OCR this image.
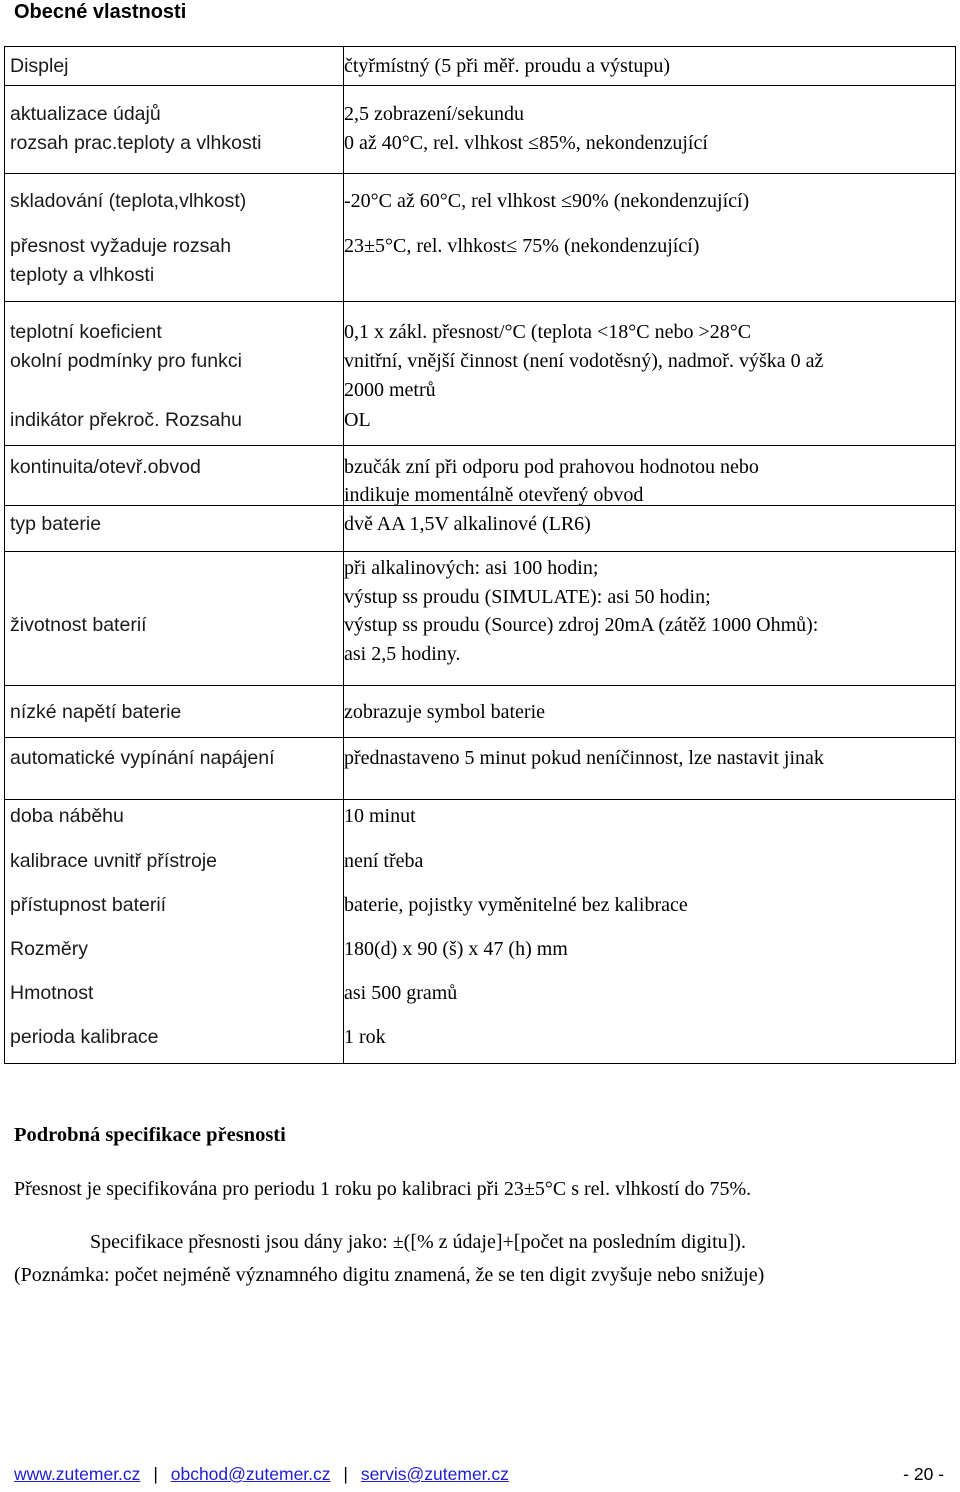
Obecné vlastnosti
Displej
aktualizace údajů
rozsah prac.teploty a vlhkosti
skladování (teplota,vlhkost)
přesnost vyžaduje rozsah
teploty a vlhkosti
teplotní koeficient
okolní podmínky pro funkci
indikátor překroč. Rozsahu
kontinuita/otevř.obvod
typ baterie
životnost baterií
nízké napětí baterie
automatické vypínání napájení
doba náběhu
kalibrace uvnitř přístroje
přístupnost baterií
Rozměry
Hmotnost
perioda kalibrace
čtyřmístný (5 při měř. proudu a výstupu)
2,5 zobrazení/sekundu
0 až 40°C, rel. vlhkost ≤85%, nekondenzující
-20°C až 60°C, rel vlhkost ≤90% (nekondenzující)
23±5°C, rel. vlhkost≤ 75% (nekondenzující)
0,1 x zákl. přesnost/°C (teplota <18°C nebo >28°C
vnitřní, vnější činnost (není vodotěsný), nadmoř. výška 0 až
2000 metrů
OL
bzučák zní při odporu pod prahovou hodnotou nebo
indikuje momentálně otevřený obvod
dvě AA 1,5V alkalinové (LR6)
při alkalinových: asi 100 hodin;
výstup ss proudu (SIMULATE): asi 50 hodin;
výstup ss proudu (Source) zdroj 20mA (zátěž 1000 Ohmů):
asi 2,5 hodiny.
zobrazuje symbol baterie
přednastaveno 5 minut pokud neníčinnost, lze nastavit jinak
10 minut
není třeba
baterie, pojistky vyměnitelné bez kalibrace
180(d) x 90 (š) x 47 (h) mm
asi 500 gramů
1 rok
Podrobná specifikace přesnosti
Přesnost je specifikována pro periodu 1 roku po kalibraci při 23±5°C s rel. vlhkostí do 75%.
Specifikace přesnosti jsou dány jako: ±([% z údaje]+[počet na posledním digitu]).
(Poznámka: počet nejméně významného digitu znamená, že se ten digit zvyšuje nebo snižuje)
www.zutemer.cz | obchod@zutemer.cz | servis@zutemer.cz	- 20 -
